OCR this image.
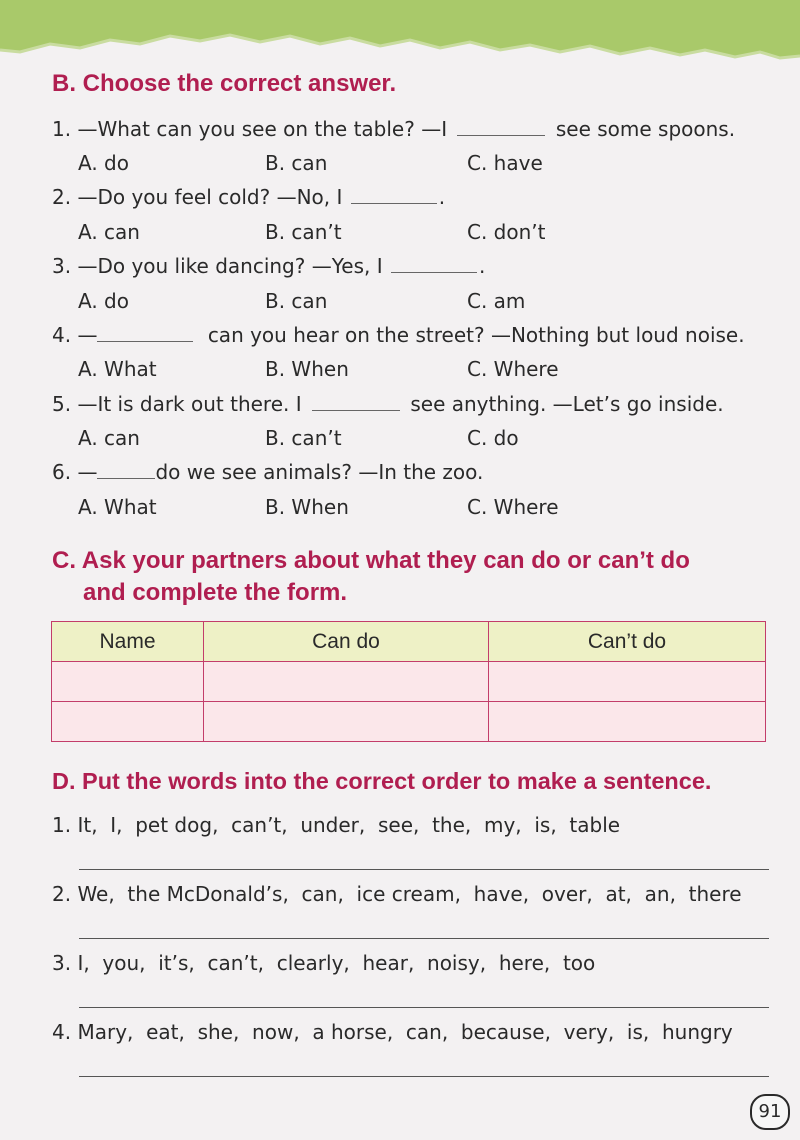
B. Choose the correct answer.
1. —What can you see on the table? —I	see some spoons.
A. do	B. can	C. have
2. —Do you feel cold? —No, I	.
A. can	B. can’t	C. don’t
3. —Do you like dancing? —Yes, I	.
A. do	B. can	C. am
4. —	can you hear on the street? —Nothing but loud noise.
A. What	B. When	C. Where
5. —It is dark out there. I	see anything. —Let’s go inside.
A. can	B. can’t	C. do
6. —	do we see animals? —In the zoo.
A. What	B. When	C. Where
C. Ask your partners about what they can do or can’t do
and complete the form.
Name	Can do	Can’t do

D. Put the words into the correct order to make a sentence.
1. It,  I,  pet dog,  can’t,  under,  see,  the,  my,  is,  table
2. We,  the McDonald’s,  can,  ice cream,  have,  over,  at,  an,  there
3. I,  you,  it’s,  can’t,  clearly,  hear,  noisy,  here,  too
4. Mary,  eat,  she,  now,  a horse,  can,  because,  very,  is,  hungry
91
